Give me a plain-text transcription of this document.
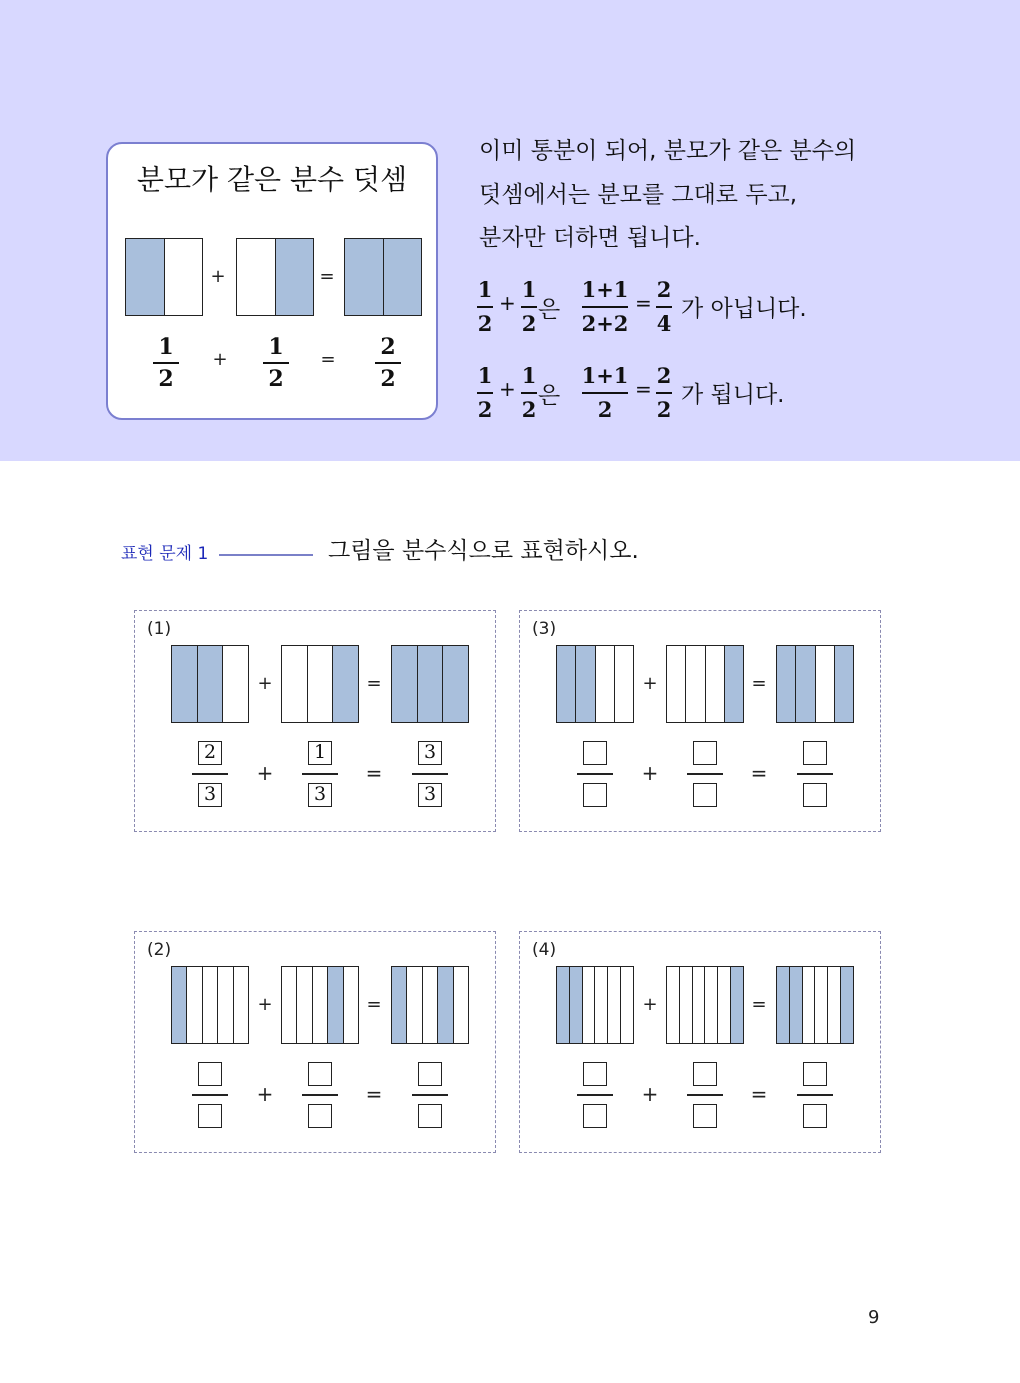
분모가 같은 분수 덧셈
+	=
1
2
+	1
2
=	2
2
이미 통분이 되어, 분모가 같은 분수의
덧셈에서는 분모를 그대로 두고,
분자만 더하면 됩니다.
1
2
+
1
2
은
1+1
2+2
=
2
4
가 아닙니다.
1
2
+
1
2
은
1+1
2
=
2
2
가 됩니다.
표현 문제 1	그림을 분수식으로 표현하시오.
(1)
+
+
=
=
$\frac{2}{3}$	$\frac{1}{3}$	$\frac{3}{3}$
(3)
+
+
=
=
(2)
+
+
=
=
(4)
+
+
=
=
9
